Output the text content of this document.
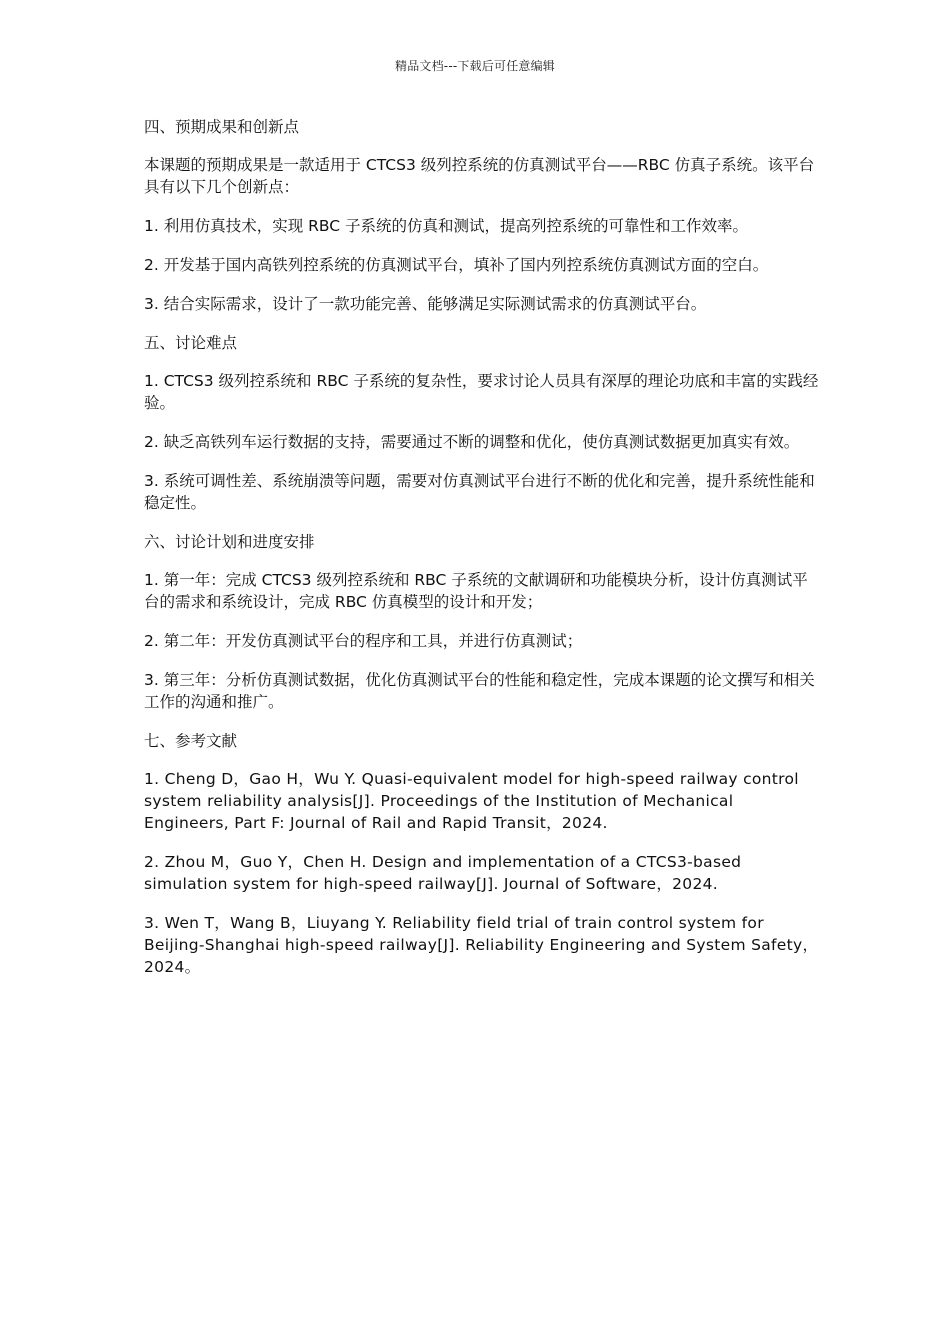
精品文档---下载后可任意编辑
四、预期成果和创新点
本课题的预期成果是一款适用于 CTCS3 级列控系统的仿真测试平台——RBC 仿真子系统。该平台具有以下几个创新点：
1. 利用仿真技术，实现 RBC 子系统的仿真和测试，提高列控系统的可靠性和工作效率。
2. 开发基于国内高铁列控系统的仿真测试平台，填补了国内列控系统仿真测试方面的空白。
3. 结合实际需求，设计了一款功能完善、能够满足实际测试需求的仿真测试平台。
五、讨论难点
1. CTCS3 级列控系统和 RBC 子系统的复杂性，要求讨论人员具有深厚的理论功底和丰富的实践经验。
2. 缺乏高铁列车运行数据的支持，需要通过不断的调整和优化，使仿真测试数据更加真实有效。
3. 系统可调性差、系统崩溃等问题，需要对仿真测试平台进行不断的优化和完善，提升系统性能和稳定性。
六、讨论计划和进度安排
1. 第一年：完成 CTCS3 级列控系统和 RBC 子系统的文献调研和功能模块分析，设计仿真测试平台的需求和系统设计，完成 RBC 仿真模型的设计和开发；
2. 第二年：开发仿真测试平台的程序和工具，并进行仿真测试；
3. 第三年：分析仿真测试数据，优化仿真测试平台的性能和稳定性，完成本课题的论文撰写和相关工作的沟通和推广。
七、参考文献
1. Cheng D，Gao H，Wu Y. Quasi-equivalent model for high-speed railway control system reliability analysis[J]. Proceedings of the Institution of Mechanical Engineers, Part F: Journal of Rail and Rapid Transit，2024.
2. Zhou M，Guo Y，Chen H. Design and implementation of a CTCS3-based simulation system for high-speed railway[J]. Journal of Software，2024.
3. Wen T，Wang B，Liuyang Y. Reliability field trial of train control system for Beijing-Shanghai high-speed railway[J]. Reliability Engineering and System Safety，2024。
